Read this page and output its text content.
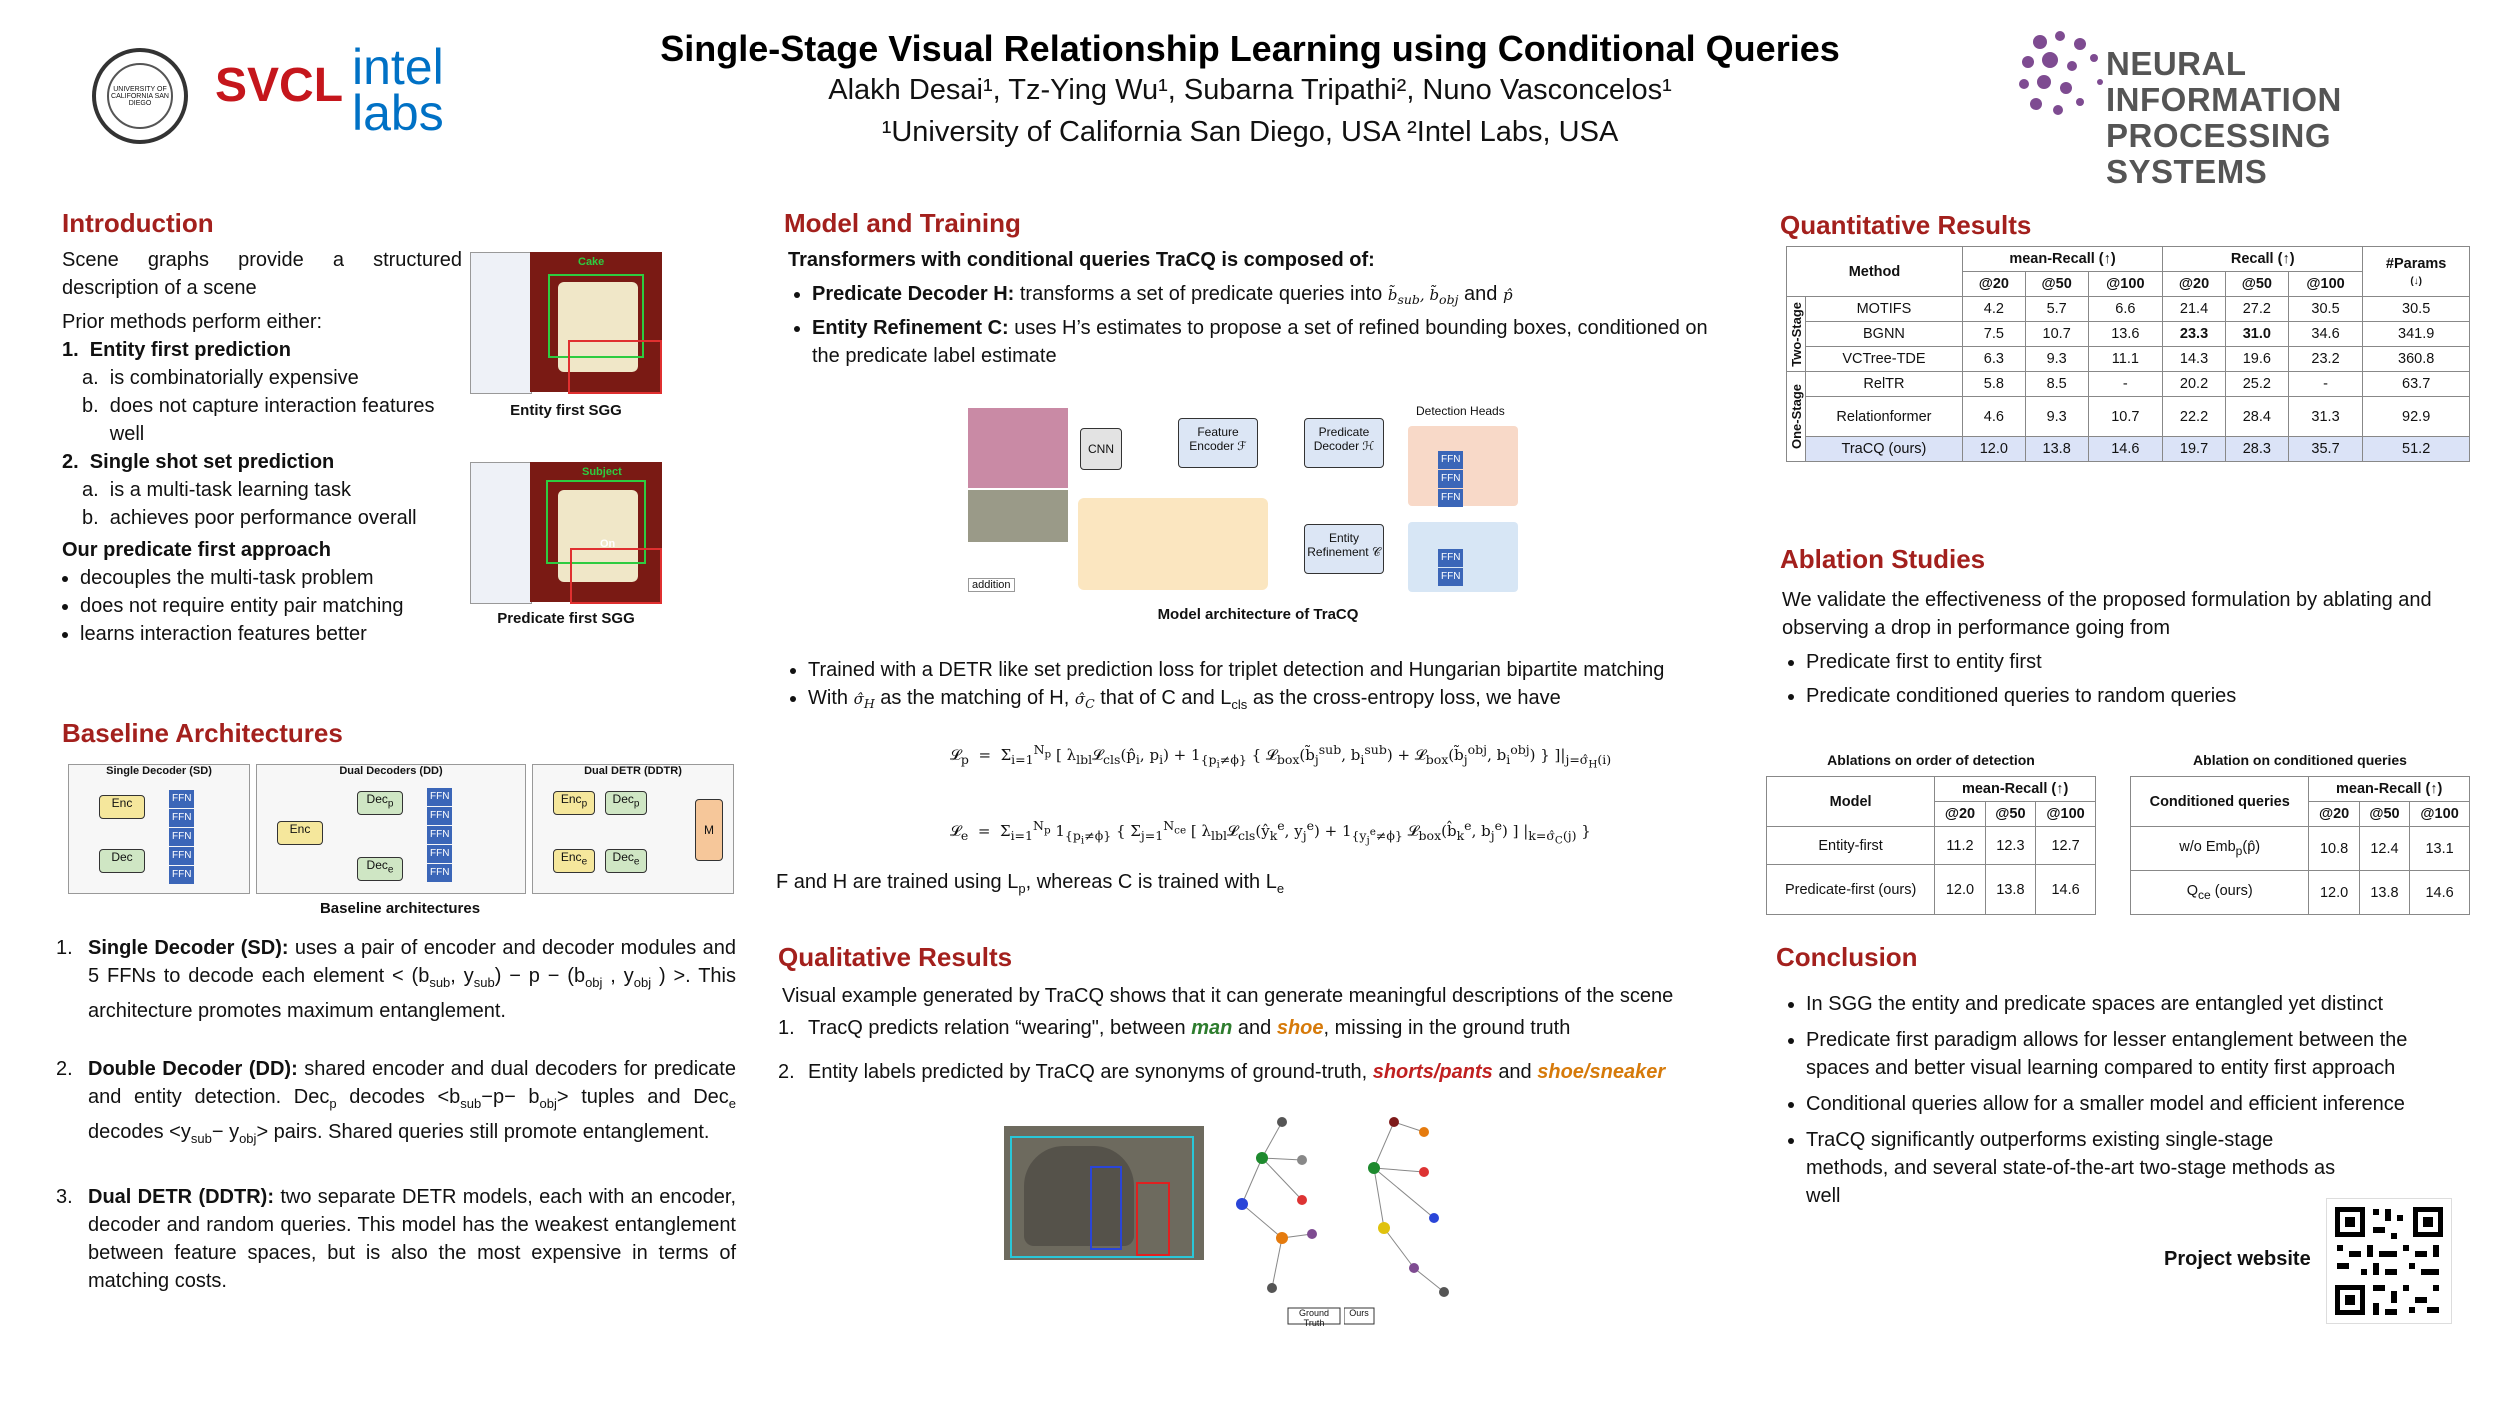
UNIVERSITY OF CALIFORNIA SAN DIEGO	SVCL intel
labs
Single-Stage Visual Relationship Learning using Conditional Queries
Alakh Desai¹, Tz-Ying Wu¹, Subarna Tripathi², Nuno Vasconcelos¹
¹University of California San Diego, USA ²Intel Labs, USA
NEURAL INFORMATION
PROCESSING SYSTEMS
Introduction
Scene graphs provide a structured description of a scene
Prior methods perform either:
1.  Entity first prediction
a.  is combinatorially expensive
b. does not capture interaction features well
2.  Single shot set prediction
a.  is a multi-task learning task
b.  achieves poor performance overall
Our predicate first approach
• decouples the multi-task problem
• does not require entity pair matching
• learns interaction features better
Cake
Entity first SGG
Subject
On
Predicate first SGG
Baseline Architectures
Single Decoder (SD)
Enc
Dec
FFN
FFN
FFN
FFN
FFN
Dual Decoders (DD)
Enc
Dec$_p$
Dec$_e$
FFN
FFN
FFN
FFN
FFN
Dual DETR (DDTR)
Enc$_p$	Dec$_p$
Enc$_e$	Dec$_e$
M
Baseline architectures
1. Single Decoder (SD): uses a pair of encoder and decoder modules and 5 FFNs to decode each element < ($b_{sub}$, $y_{sub}) - p - (b_{obj}$ , $y_{obj}$ ) >. This architecture promotes maximum entanglement.
2. Double Decoder (DD): shared encoder and dual decoders for predicate and entity detection. Dec$_p$ decodes $<b_{sub}-p- b_{obj}>$ tuples and Dec$_e$ decodes $<y_{sub}- y_{obj}>$ pairs. Shared queries still promote entanglement.
3. Dual DETR (DDTR): two separate DETR models, each with an encoder, decoder and random queries. This model has the weakest entanglement between feature spaces, but is also the most expensive in terms of matching costs.
Model and Training
Transformers with conditional queries TraCQ is composed of:
• Predicate Decoder H: transforms a set of predicate queries into $b̃_{sub}$, $b̃_{obj}$ and p̂
• Entity Refinement C: uses H’s estimates to propose a set of refined bounding boxes, conditioned on the predicate label estimate
CNN
Feature Encoder ℱ
Predicate Decoder ℋ
Entity Refinement 𝒞
Detection Heads
FFN
FFN
FFN
FFN
FFN
addition
Model architecture of TraCQ
• Trained with a DETR like set prediction loss for triplet detection and Hungarian bipartite matching
• With $\sigmâ_H$ as the matching of H, $\sigmâ_C$ that of C and $L_{cls}$ as the cross-entropy loss, we have
𝓛$_p$  =  $\Sigma_{i=1}^{N_p}$ [ $\lambda_{lbl}𝓛_{cls}(p̂_i$, $p_i) + 1_{\{p_i\ne\phi\}}$ { $𝓛_{box}(b̃_j^{sub}$, $b_i^{sub}$) + $𝓛_{box}(b̃_j^{obj}$, $b_i^{obj}$) } ]$|_{j=\sigmâ_H(i)}$
𝓛$_e$  =  $\Sigma_{i=1}^{N_p}$ $1_{\{p_i\ne\phi\}}$ { $\Sigma_{j=1}^{N_{ce}}$ [ $\lambda_{lbl}𝓛_{cls}(ŷ_k^e$, $y_j^e) + 1_{\{y_j^e\ne\phi\}}$ $𝓛_{box}(b̂_k^e$, $b_j^e$) ] $|_{k=\sigmâ_C(j)}$ }
F and H are trained using $L_p$, whereas C is trained with $L_e$
Qualitative Results
Visual example generated by TraCQ shows that it can generate meaningful descriptions of the scene
1. TracQ predicts relation “wearing", between man and shoe, missing in the ground truth
2. Entity labels predicted by TraCQ are synonyms of ground-truth, shorts/pants and shoe/sneaker
Ground Truth
Ours
Quantitative Results
Method		mean-Recall (↑)			Recall (↑)			#Params
(↓)
		@20	@50	@100	@20	@50	@100	

Two-Stage	MOTIFS	4.2	5.7	6.6	21.4	27.2	30.5	30.5
	BGNN	7.5	10.7	13.6	23.3	31.0	34.6	341.9
	VCTree-TDE	6.3	9.3	11.1	14.3	19.6	23.2	360.8

One-Stage	RelTR	5.8	8.5	-	20.2	25.2	-	63.7
	Relationformer	4.6	9.3	10.7	22.2	28.4	31.3	92.9
	TraCQ (ours)	12.0	13.8	14.6	19.7	28.3	35.7	51.2
Ablation Studies
We validate the effectiveness of the proposed formulation by ablating and observing a drop in performance going from
• Predicate first to entity first
• Predicate conditioned queries to random queries
Ablations on order of detection
Model	mean-Recall (↑)		
	@20	@50	@100
Entity-first	11.2	12.3	12.7
Predicate-first (ours)	12.0	13.8	14.6
Ablation on conditioned queries
Conditioned queries	mean-Recall (↑)		
	@20	@50	@100
w/o Emb$_p$(p̂)	10.8	12.4	13.1
$Q_{ce}$ (ours)	12.0	13.8	14.6
Conclusion
• In SGG the entity and predicate spaces are entangled yet distinct
• Predicate first paradigm allows for lesser entanglement between the spaces and better visual learning compared to entity first approach
• Conditional queries allow for a smaller model and efficient inference
• TraCQ significantly outperforms existing single-stage methods, and several state-of-the-art two-stage methods as well
Project website
